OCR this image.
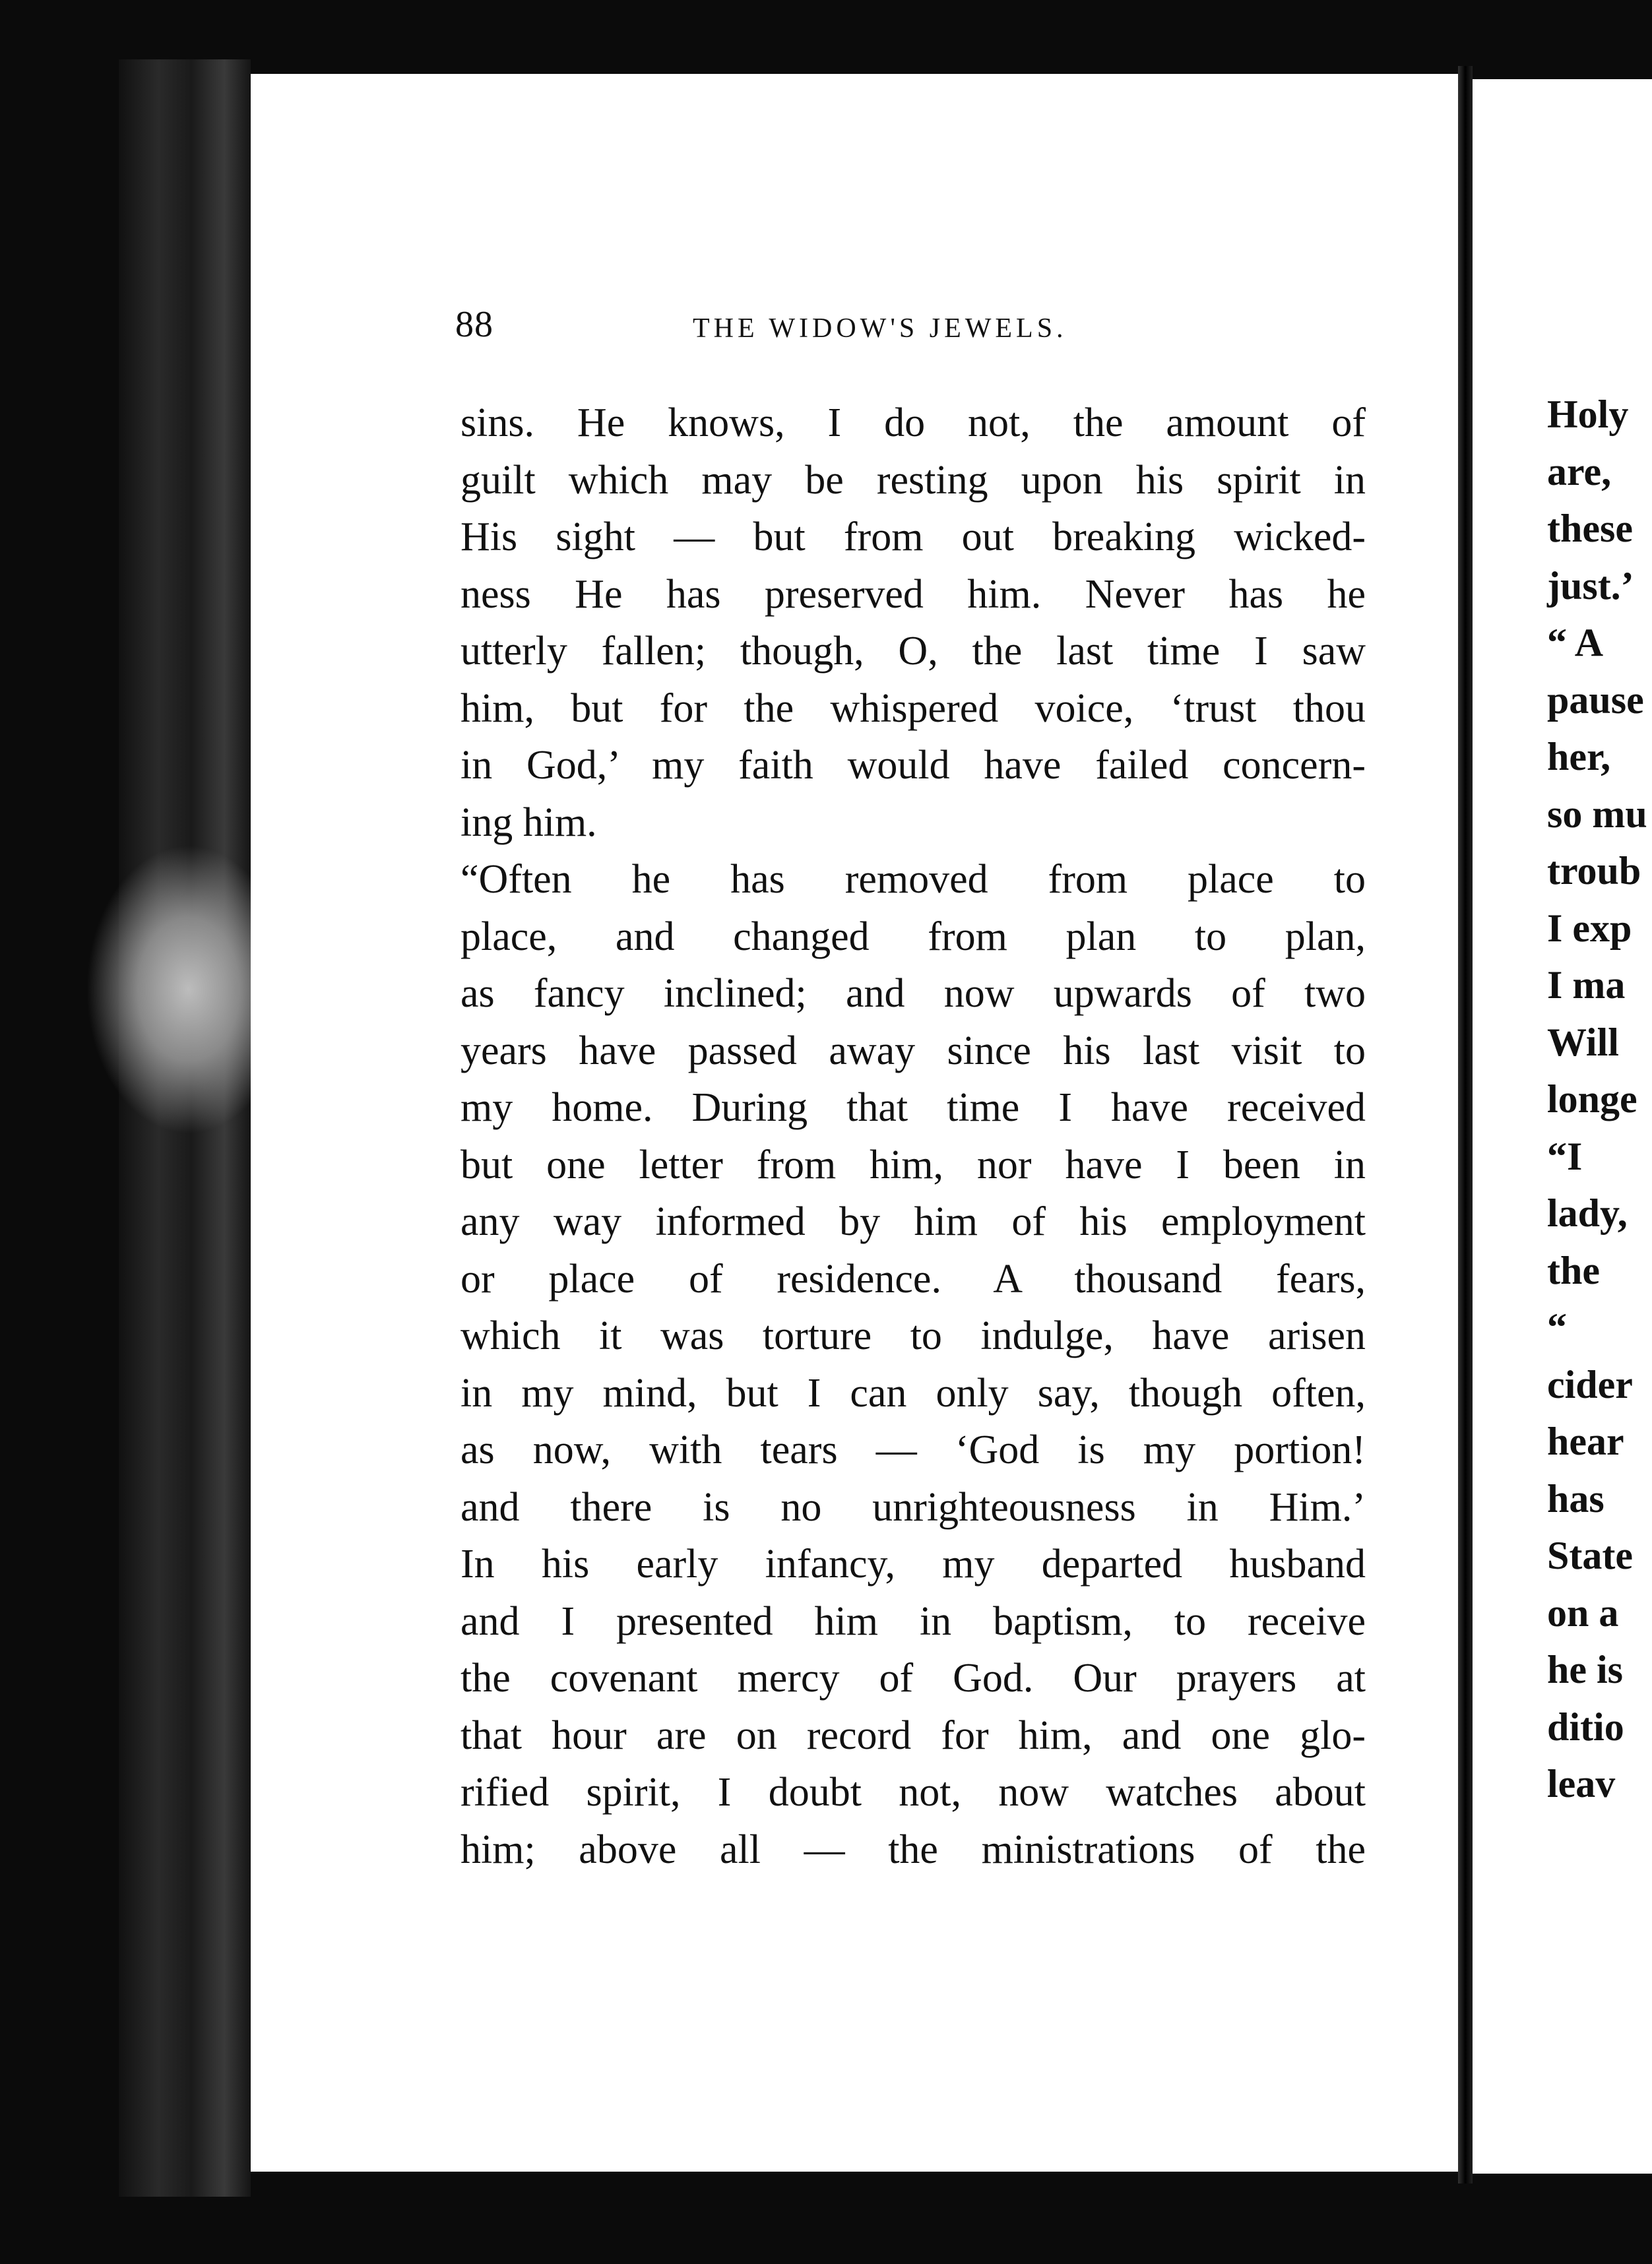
88	THE WIDOW'S JEWELS.
sins. He knows, I do not, the amount of
guilt which may be resting upon his spirit in
His sight — but from out breaking wicked-
ness He has preserved him. Never has he
utterly fallen; though, O, the last time I saw
him, but for the whispered voice, ‘trust thou
in God,’ my faith would have failed concern-
ing him.
“Often he has removed from place to
place, and changed from plan to plan,
as fancy inclined; and now upwards of two
years have passed away since his last visit to
my home. During that time I have received
but one letter from him, nor have I been in
any way informed by him of his employment
or place of residence. A thousand fears,
which it was torture to indulge, have arisen
in my mind, but I can only say, though often,
as now, with tears — ‘God is my portion!
and there is no unrighteousness in Him.’
In his early infancy, my departed husband
and I presented him in baptism, to receive
the covenant mercy of God. Our prayers at
that hour are on record for him, and one glo-
rified spirit, I doubt not, now watches about
him; above all — the ministrations of the
Holy
are,
these
just.’
“ A
pause
her,
so mu
troub
I exp
I ma
Will
longe
“I
lady,
the
“
cider
hear
has
State
on a
he is
ditio
leav
